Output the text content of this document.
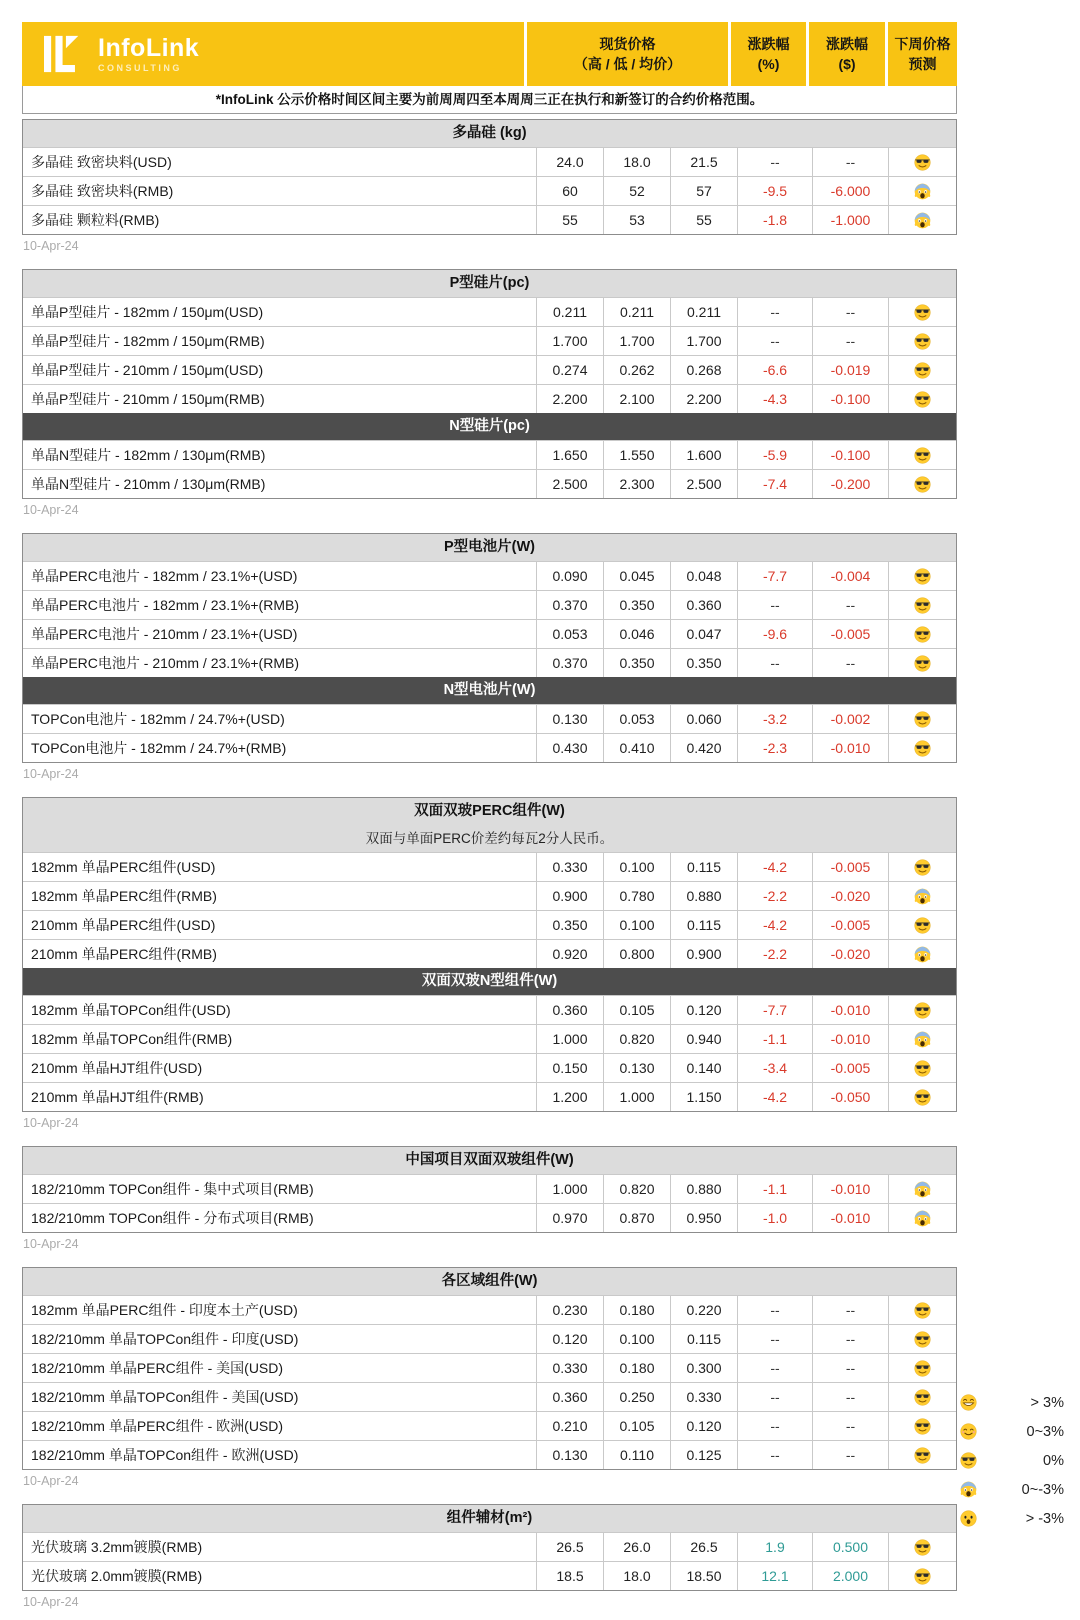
InfoLink
CONSULTING
现货价格
（高 / 低 / 均价）
涨跌幅
(%)
涨跌幅
($)
下周价格
预测
*InfoLink 公示价格时间区间主要为前周周四至本周周三正在执行和新签订的合约价格范围。
多晶硅 (kg)
多晶硅 致密块料(USD)	24.0	18.0	21.5	--	--
多晶硅 致密块料(RMB)	60	52	57	-9.5	-6.000
多晶硅 颗粒料(RMB)	55	53	55	-1.8	-1.000
10-Apr-24
P型硅片(pc)
单晶P型硅片 - 182mm / 150μm(USD)	0.211	0.211	0.211	--	--
单晶P型硅片 - 182mm / 150μm(RMB)	1.700	1.700	1.700	--	--
单晶P型硅片 - 210mm / 150μm(USD)	0.274	0.262	0.268	-6.6	-0.019
单晶P型硅片 - 210mm / 150μm(RMB)	2.200	2.100	2.200	-4.3	-0.100
N型硅片(pc)
单晶N型硅片 - 182mm / 130μm(RMB)	1.650	1.550	1.600	-5.9	-0.100
单晶N型硅片 - 210mm / 130μm(RMB)	2.500	2.300	2.500	-7.4	-0.200
10-Apr-24
P型电池片(W)
单晶PERC电池片 - 182mm / 23.1%+(USD)	0.090	0.045	0.048	-7.7	-0.004
单晶PERC电池片 - 182mm / 23.1%+(RMB)	0.370	0.350	0.360	--	--
单晶PERC电池片 - 210mm / 23.1%+(USD)	0.053	0.046	0.047	-9.6	-0.005
单晶PERC电池片 - 210mm / 23.1%+(RMB)	0.370	0.350	0.350	--	--
N型电池片(W)
TOPCon电池片 - 182mm / 24.7%+(USD)	0.130	0.053	0.060	-3.2	-0.002
TOPCon电池片 - 182mm / 24.7%+(RMB)	0.430	0.410	0.420	-2.3	-0.010
10-Apr-24
双面双玻PERC组件(W)
双面与单面PERC价差约每瓦2分人民币。
182mm 单晶PERC组件(USD)	0.330	0.100	0.115	-4.2	-0.005
182mm 单晶PERC组件(RMB)	0.900	0.780	0.880	-2.2	-0.020
210mm 单晶PERC组件(USD)	0.350	0.100	0.115	-4.2	-0.005
210mm 单晶PERC组件(RMB)	0.920	0.800	0.900	-2.2	-0.020
双面双玻N型组件(W)
182mm 单晶TOPCon组件(USD)	0.360	0.105	0.120	-7.7	-0.010
182mm 单晶TOPCon组件(RMB)	1.000	0.820	0.940	-1.1	-0.010
210mm 单晶HJT组件(USD)	0.150	0.130	0.140	-3.4	-0.005
210mm 单晶HJT组件(RMB)	1.200	1.000	1.150	-4.2	-0.050
10-Apr-24
中国项目双面双玻组件(W)
182/210mm TOPCon组件 - 集中式项目(RMB)	1.000	0.820	0.880	-1.1	-0.010
182/210mm TOPCon组件 - 分布式项目(RMB)	0.970	0.870	0.950	-1.0	-0.010
10-Apr-24
各区域组件(W)
182mm 单晶PERC组件 - 印度本土产(USD)	0.230	0.180	0.220	--	--
182/210mm 单晶TOPCon组件 - 印度(USD)	0.120	0.100	0.115	--	--
182/210mm 单晶PERC组件 - 美国(USD)	0.330	0.180	0.300	--	--
182/210mm 单晶TOPCon组件 - 美国(USD)	0.360	0.250	0.330	--	--
182/210mm 单晶PERC组件 - 欧洲(USD)	0.210	0.105	0.120	--	--
182/210mm 单晶TOPCon组件 - 欧洲(USD)	0.130	0.110	0.125	--	--
10-Apr-24
组件辅材(m²)
光伏玻璃 3.2mm镀膜(RMB)	26.5	26.0	26.5	1.9	0.500
光伏玻璃 2.0mm镀膜(RMB)	18.5	18.0	18.50	12.1	2.000
10-Apr-24
> 3%
0~3%
0%
0~-3%
> -3%
